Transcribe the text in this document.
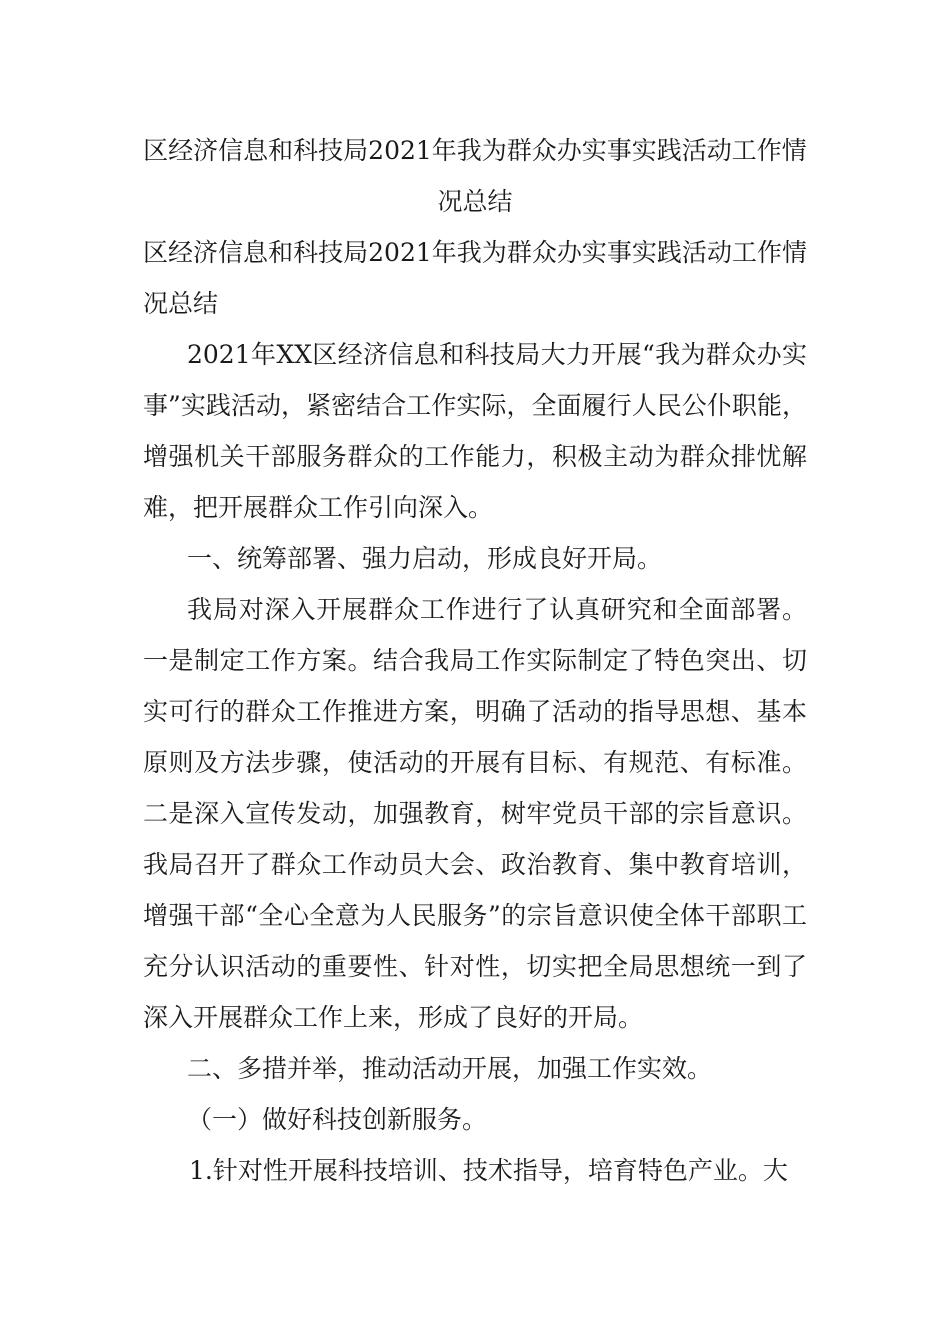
区经济信息和科技局2021年我为群众办实事实践活动工作情况总结

区经济信息和科技局2021年我为群众办实事实践活动工作情况总结

2021年XX区经济信息和科技局大力开展“我为群众办实事”实践活动，紧密结合工作实际，全面履行人民公仆职能，增强机关干部服务群众的工作能力，积极主动为群众排忧解难，把开展群众工作引向深入。

一、统筹部署、强力启动，形成良好开局。

我局对深入开展群众工作进行了认真研究和全面部署。一是制定工作方案。结合我局工作实际制定了特色突出、切实可行的群众工作推进方案，明确了活动的指导思想、基本原则及方法步骤，使活动的开展有目标、有规范、有标准。二是深入宣传发动，加强教育，树牢党员干部的宗旨意识。我局召开了群众工作动员大会、政治教育、集中教育培训，增强干部“全心全意为人民服务”的宗旨意识使全体干部职工充分认识活动的重要性、针对性，切实把全局思想统一到了深入开展群众工作上来，形成了良好的开局。

二、多措并举，推动活动开展，加强工作实效。

（一）做好科技创新服务。

1.针对性开展科技培训、技术指导，培育特色产业。大
